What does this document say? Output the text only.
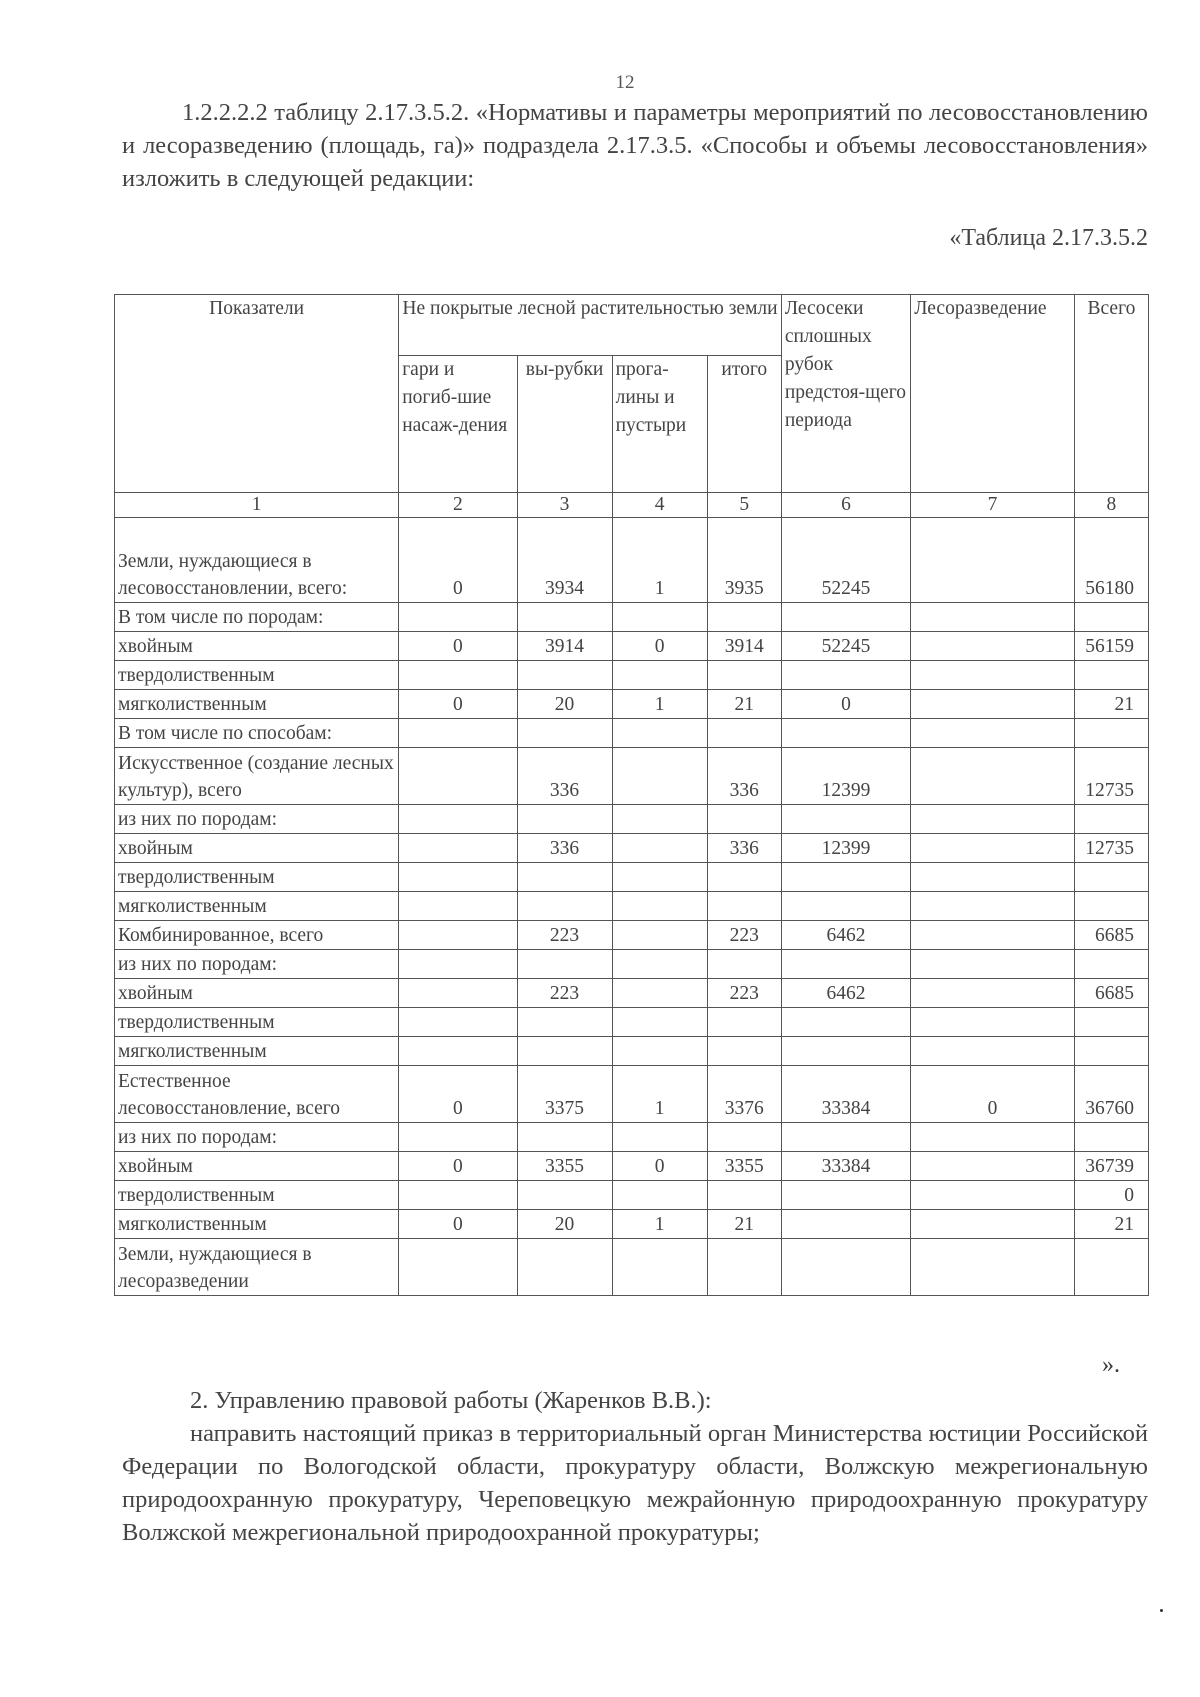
12

1.2.2.2.2 таблицу 2.17.3.5.2. «Нормативы и параметры мероприятий по лесовосстановлению и лесоразведению (площадь, га)» подраздела 2.17.3.5. «Способы и объемы лесовосстановления» изложить в следующей редакции:

«Таблица 2.17.3.5.2
Показатели	Не покрытые лесной растительностью земли				Лесосеки сплошных рубок предстоя-щего периода	Лесоразведение	Всего
	гари и погиб-шие насаж-дения	вы-рубки	прога-лины и пустыри	итого			
1	2	3	4	5	6	7	8
Земли, нуждающиеся в лесовосстановлении, всего:	0	3934	1	3935	52245		56180
В том числе по породам:							
хвойным	0	3914	0	3914	52245		56159
твердолиственным							
мягколиственным	0	20	1	21	0		21
В том числе по способам:							
Искусственное (создание лесных культур), всего		336		336	12399		12735
из них по породам:							
хвойным		336		336	12399		12735
твердолиственным							
мягколиственным							
Комбинированное, всего		223		223	6462		6685
из них по породам:							
хвойным		223		223	6462		6685
твердолиственным							
мягколиственным							
Естественное лесовосстановление, всего	0	3375	1	3376	33384	0	36760
из них по породам:							
хвойным	0	3355	0	3355	33384		36739
твердолиственным							0
мягколиственным	0	20	1	21			21
Земли, нуждающиеся в лесоразведении							
».

2. Управлению правовой работы (Жаренков В.В.):
направить настоящий приказ в территориальный орган Министерства юстиции Российской Федерации по Вологодской области, прокуратуру области, Волжскую межрегиональную природоохранную прокуратуру, Череповецкую межрайонную природоохранную прокуратуру Волжской межрегиональной природоохранной прокуратуры;
